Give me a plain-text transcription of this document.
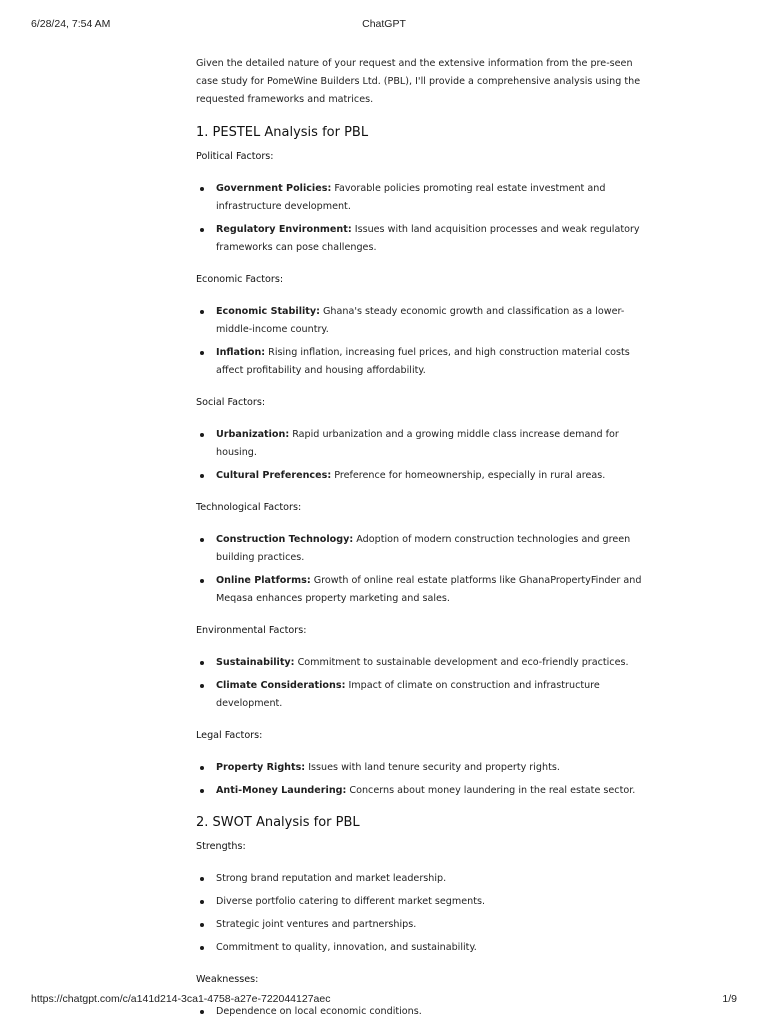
6/28/24, 7:54 AM	ChatGPT

Given the detailed nature of your request and the extensive information from the pre-seen case study for PomeWine Builders Ltd. (PBL), I'll provide a comprehensive analysis using the requested frameworks and matrices.

1. PESTEL Analysis for PBL
Political Factors:
Government Policies: Favorable policies promoting real estate investment and infrastructure development.
Regulatory Environment: Issues with land acquisition processes and weak regulatory frameworks can pose challenges.
Economic Factors:
Economic Stability: Ghana's steady economic growth and classification as a lower-middle-income country.
Inflation: Rising inflation, increasing fuel prices, and high construction material costs affect profitability and housing affordability.
Social Factors:
Urbanization: Rapid urbanization and a growing middle class increase demand for housing.
Cultural Preferences: Preference for homeownership, especially in rural areas.
Technological Factors:
Construction Technology: Adoption of modern construction technologies and green building practices.
Online Platforms: Growth of online real estate platforms like GhanaPropertyFinder and Meqasa enhances property marketing and sales.
Environmental Factors:
Sustainability: Commitment to sustainable development and eco-friendly practices.
Climate Considerations: Impact of climate on construction and infrastructure development.
Legal Factors:
Property Rights: Issues with land tenure security and property rights.
Anti-Money Laundering: Concerns about money laundering in the real estate sector.
2. SWOT Analysis for PBL
Strengths:
Strong brand reputation and market leadership.
Diverse portfolio catering to different market segments.
Strategic joint ventures and partnerships.
Commitment to quality, innovation, and sustainability.
Weaknesses:
Dependence on local economic conditions.
https://chatgpt.com/c/a141d214-3ca1-4758-a27e-722044127aec	1/9
